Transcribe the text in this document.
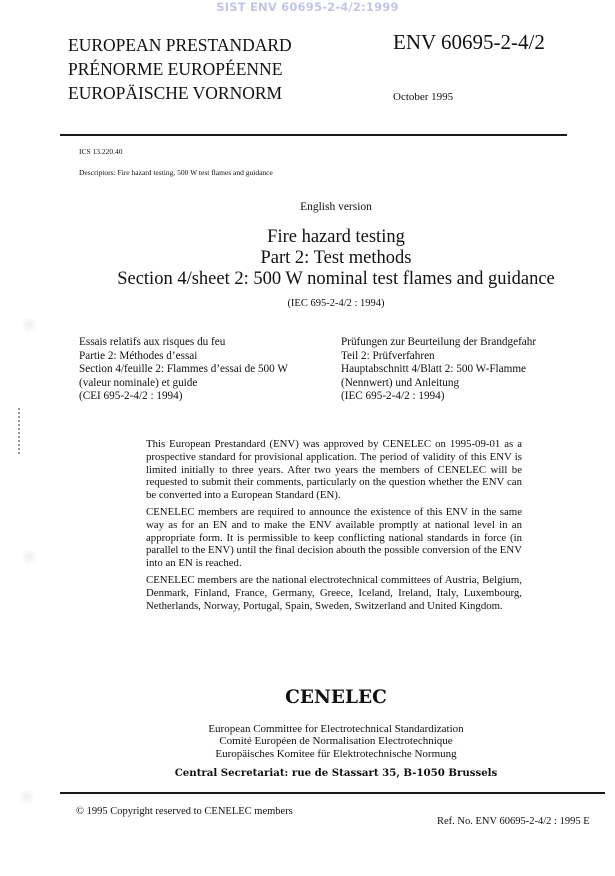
SIST ENV 60695-2-4/2:1999
EUROPEAN PRESTANDARD
PRÉNORME EUROPÉENNE
EUROPÄISCHE VORNORM
ENV 60695-2-4/2
October 1995
ICS 13.220.40
Descriptors: Fire hazard testing, 500 W test flames and guidance
English version
Fire hazard testing
Part 2: Test methods
Section 4/sheet 2: 500 W nominal test flames and guidance
(IEC 695-2-4/2 : 1994)
Essais relatifs aux risques du feu
Partie 2: Méthodes d’essai
Section 4/feuille 2: Flammes d’essai de 500 W
(valeur nominale) et guide
(CEI 695-2-4/2 : 1994)
Prüfungen zur Beurteilung der Brandgefahr
Teil 2: Prüfverfahren
Hauptabschnitt 4/Blatt 2: 500 W-Flamme
(Nennwert) und Anleitung
(IEC 695-2-4/2 : 1994)

This European Prestandard (ENV) was approved by CENELEC on 1995-09-01 as a prospective standard for provisional application. The period of validity of this ENV is limited initially to three years. After two years the members of CENELEC will be requested to submit their comments, particularly on the question whether the ENV can be converted into a European Standard (EN).

CENELEC members are required to announce the existence of this ENV in the same way as for an EN and to make the ENV available promptly at national level in an appropriate form. It is permissible to keep conflicting national standards in force (in parallel to the ENV) until the final decision abouth the possible conversion of the ENV into an EN is reached.

CENELEC members are the national electrotechnical committees of Austria, Belgium, Denmark, Finland, France, Germany, Greece, Iceland, Ireland, Italy, Luxembourg, Netherlands, Norway, Portugal, Spain, Sweden, Switzerland and United Kingdom.

CENELEC
European Committee for Electrotechnical Standardization
Comité Européen de Normalisation Electrotechnique
Europäisches Komitee für Elektrotechnische Normung
Central Secretariat: rue de Stassart 35, B-1050 Brussels
© 1995 Copyright reserved to CENELEC members
Ref. No. ENV 60695-2-4/2 : 1995 E
